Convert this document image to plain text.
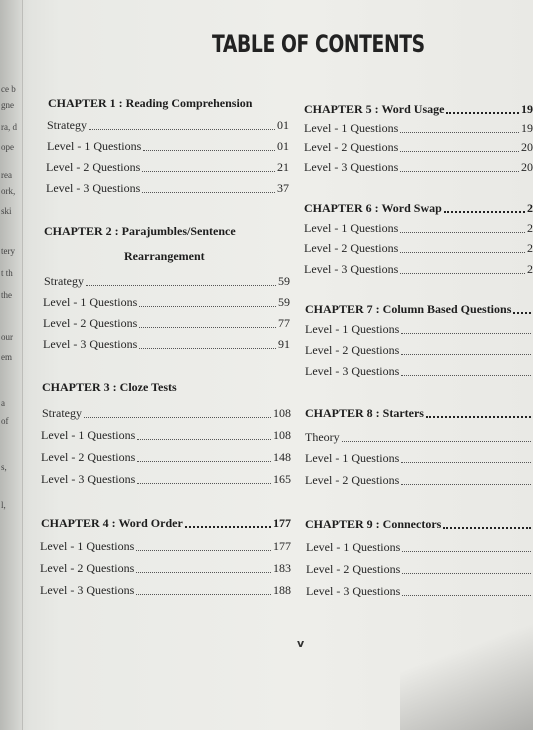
ce b
gne
ra, d
ope
rea
ork,
ski
tery
t th
the
our
em
a
of
s,
l,
TABLE OF CONTENTS
CHAPTER 1 : Reading Comprehension
Strategy	01
Level - 1 Questions	01
Level - 2 Questions	21
Level - 3 Questions	37
CHAPTER 2 : Parajumbles/Sentence
Rearrangement
Strategy	59
Level - 1 Questions	59
Level - 2 Questions	77
Level - 3 Questions	91
CHAPTER 3 : Cloze Tests
Strategy	108
Level - 1 Questions	108
Level - 2 Questions	148
Level - 3 Questions	165
CHAPTER 4 : Word Order	177
Level - 1 Questions	177
Level - 2 Questions	183
Level - 3 Questions	188
CHAPTER 5 : Word Usage	19
Level - 1 Questions	19
Level - 2 Questions	20
Level - 3 Questions	20
CHAPTER 6 : Word Swap	2
Level - 1 Questions	2
Level - 2 Questions	2
Level - 3 Questions	2
CHAPTER 7 : Column Based Questions
Level - 1 Questions
Level - 2 Questions
Level - 3 Questions
CHAPTER 8 : Starters
Theory
Level - 1 Questions
Level - 2 Questions
CHAPTER 9 : Connectors
Level - 1 Questions
Level - 2 Questions
Level - 3 Questions
v
